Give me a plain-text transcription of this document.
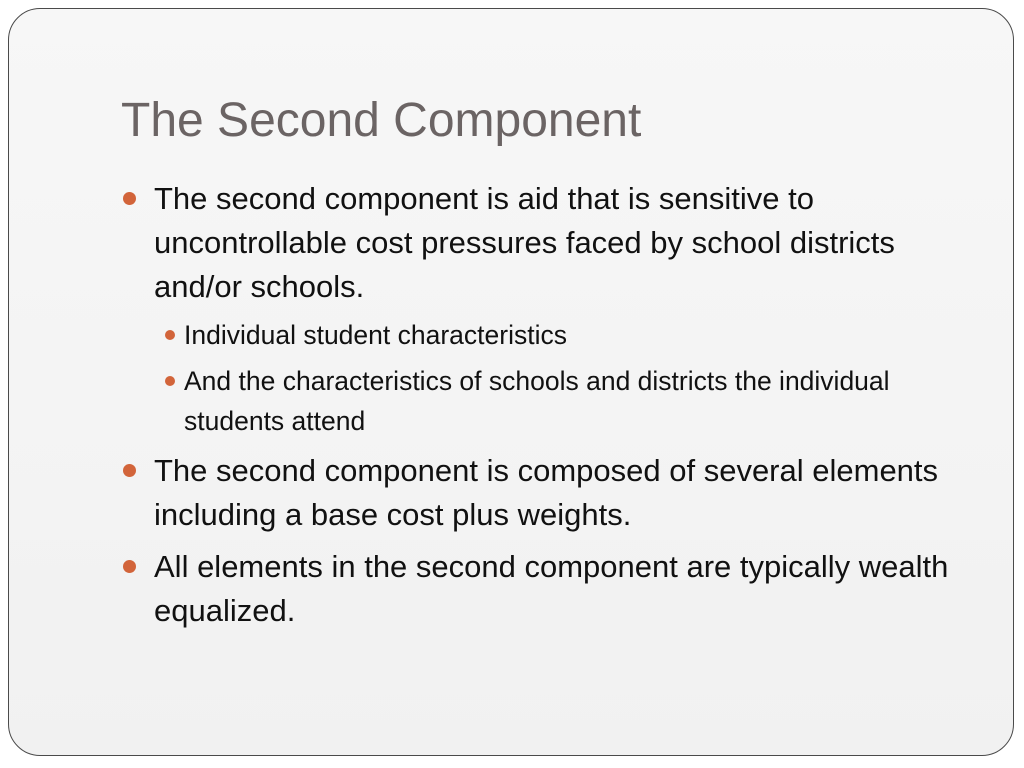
The Second Component
The second component is aid that is sensitive to uncontrollable cost pressures faced by school districts and/or schools.
Individual student characteristics
And the characteristics of schools and districts the individual students attend
The second component is composed of several elements including a base cost plus weights.
All elements in the second component are typically wealth equalized.
